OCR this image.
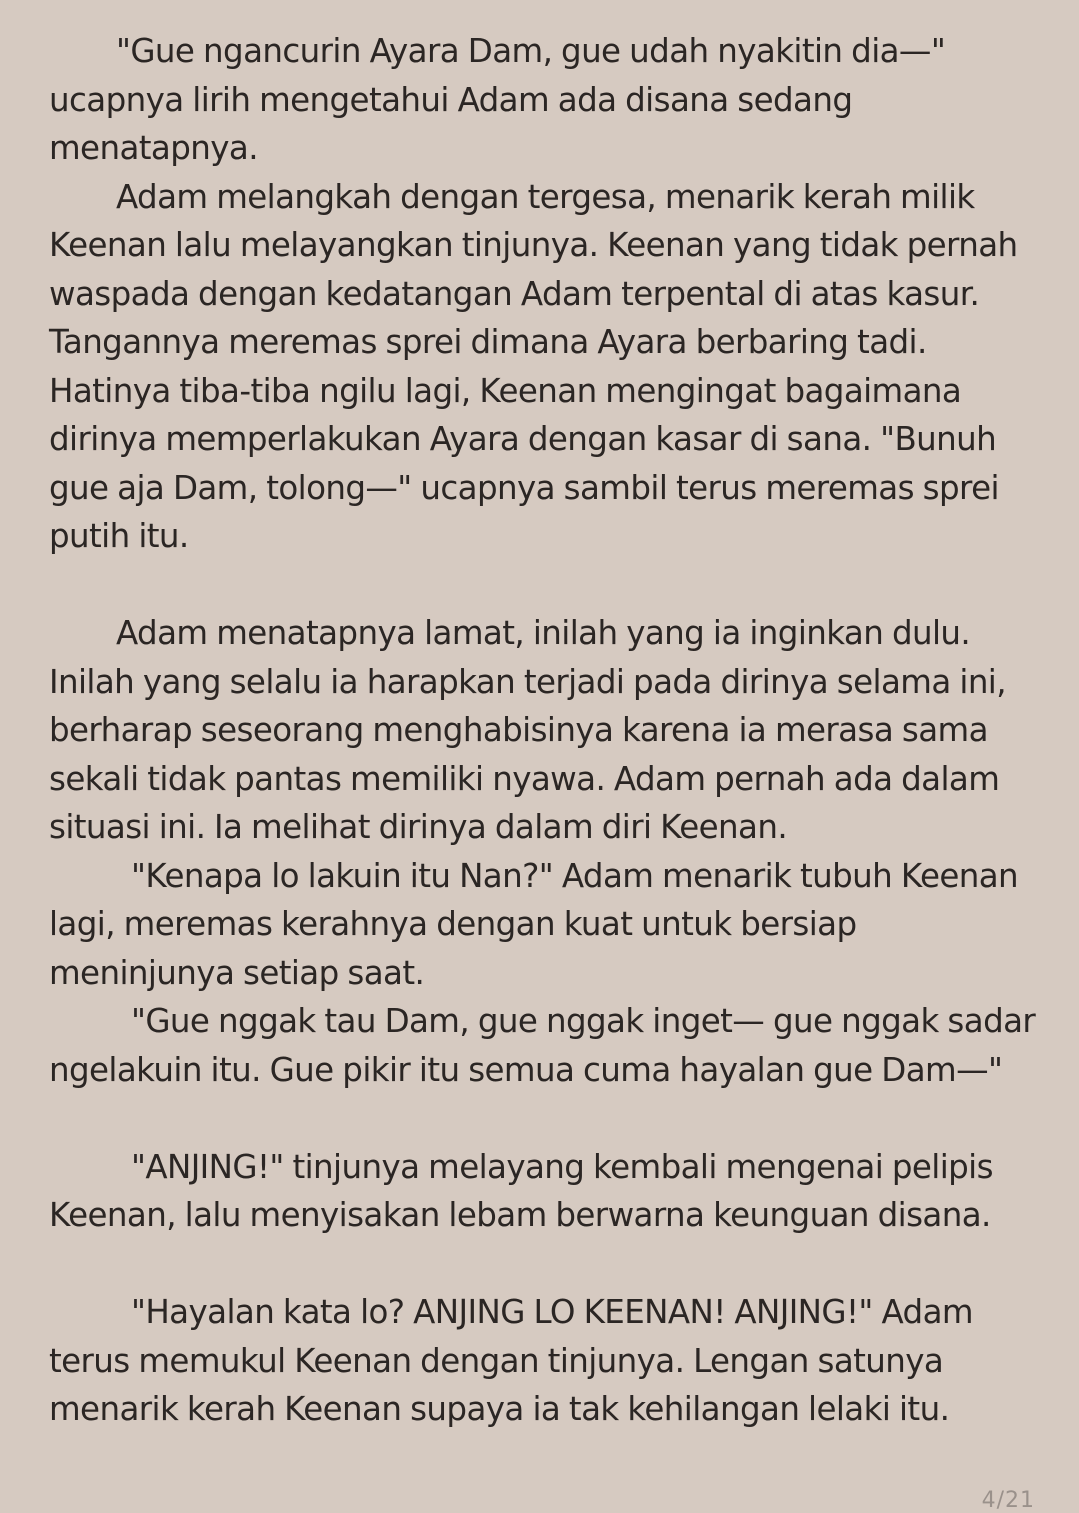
"Gue ngancurin Ayara Dam, gue udah nyakitin dia—" ucapnya lirih mengetahui Adam ada disana sedang menatapnya.

Adam melangkah dengan tergesa, menarik kerah milik Keenan lalu melayangkan tinjunya. Keenan yang tidak pernah waspada dengan kedatangan Adam terpental di atas kasur. Tangannya meremas sprei dimana Ayara berbaring tadi. Hatinya tiba-tiba ngilu lagi, Keenan mengingat bagaimana dirinya memperlakukan Ayara dengan kasar di sana. "Bunuh gue aja Dam, tolong—" ucapnya sambil terus meremas sprei putih itu.

Adam menatapnya lamat, inilah yang ia inginkan dulu. Inilah yang selalu ia harapkan terjadi pada dirinya selama ini, berharap seseorang menghabisinya karena ia merasa sama sekali tidak pantas memiliki nyawa. Adam pernah ada dalam situasi ini. Ia melihat dirinya dalam diri Keenan.

"Kenapa lo lakuin itu Nan?" Adam menarik tubuh Keenan lagi, meremas kerahnya dengan kuat untuk bersiap meninjunya setiap saat.

"Gue nggak tau Dam, gue nggak inget— gue nggak sadar ngelakuin itu. Gue pikir itu semua cuma hayalan gue Dam—"

"ANJING!" tinjunya melayang kembali mengenai pelipis Keenan, lalu menyisakan lebam berwarna keunguan disana.

"Hayalan kata lo? ANJING LO KEENAN! ANJING!" Adam terus memukul Keenan dengan tinjunya. Lengan satunya menarik kerah Keenan supaya ia tak kehilangan lelaki itu.

4/21
